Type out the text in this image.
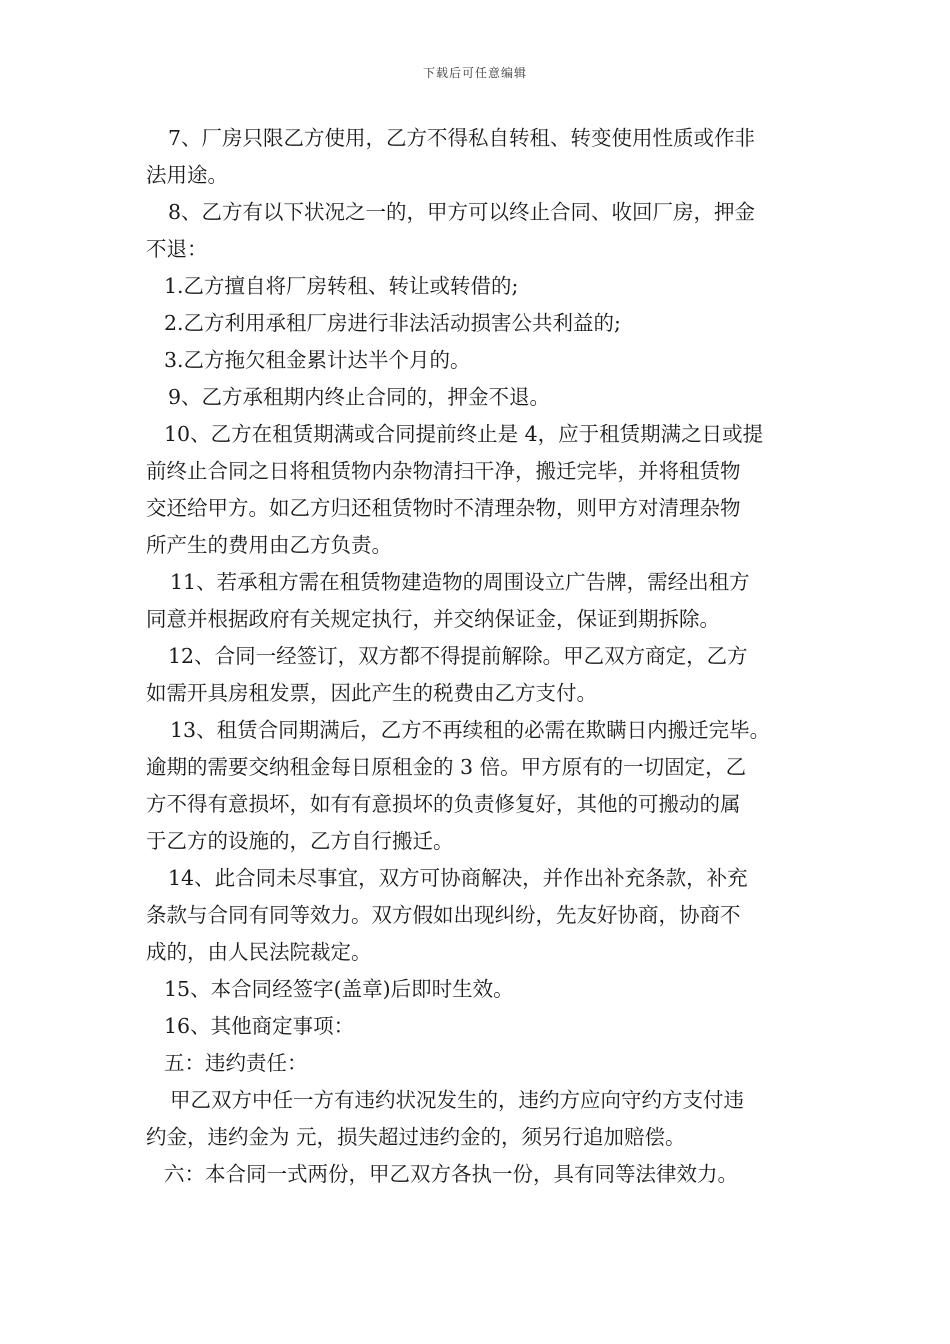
下载后可任意编辑
7、厂房只限乙方使用，乙方不得私自转租、转变使用性质或作非
法用途。
8、乙方有以下状况之一的，甲方可以终止合同、收回厂房，押金
不退：
1.乙方擅自将厂房转租、转让或转借的;
2.乙方利用承租厂房进行非法活动损害公共利益的;
3.乙方拖欠租金累计达半个月的。
9、乙方承租期内终止合同的，押金不退。
10、乙方在租赁期满或合同提前终止是 4，应于租赁期满之日或提
前终止合同之日将租赁物内杂物清扫干净，搬迁完毕，并将租赁物
交还给甲方。如乙方归还租赁物时不清理杂物，则甲方对清理杂物
所产生的费用由乙方负责。
11、若承租方需在租赁物建造物的周围设立广告牌，需经出租方
同意并根据政府有关规定执行，并交纳保证金，保证到期拆除。
12、合同一经签订，双方都不得提前解除。甲乙双方商定，乙方
如需开具房租发票，因此产生的税费由乙方支付。
13、租赁合同期满后，乙方不再续租的必需在欺瞒日内搬迁完毕。
逾期的需要交纳租金每日原租金的 3 倍。甲方原有的一切固定，乙
方不得有意损坏，如有有意损坏的负责修复好，其他的可搬动的属
于乙方的设施的，乙方自行搬迁。
14、此合同未尽事宜，双方可协商解决，并作出补充条款，补充
条款与合同有同等效力。双方假如出现纠纷，先友好协商，协商不
成的，由人民法院裁定。
15、本合同经签字(盖章)后即时生效。
16、其他商定事项：
五：违约责任：
甲乙双方中任一方有违约状况发生的，违约方应向守约方支付违
约金，违约金为 元，损失超过违约金的，须另行追加赔偿。
六：本合同一式两份，甲乙双方各执一份，具有同等法律效力。
